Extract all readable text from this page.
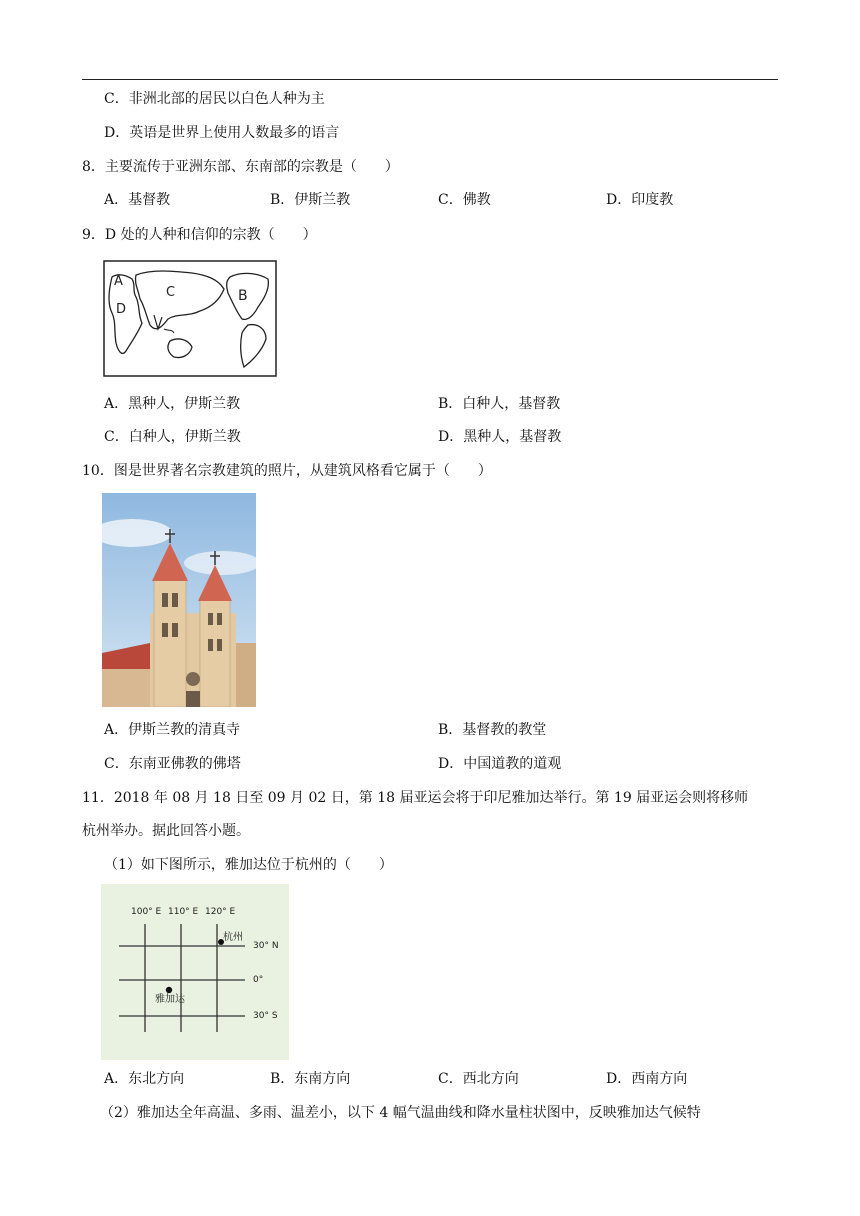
C．非洲北部的居民以白色人种为主
D．英语是世界上使用人数最多的语言
8．主要流传于亚洲东部、东南部的宗教是（　　）
A．基督教	B．伊斯兰教	C．佛教	D．印度教
9．D 处的人种和信仰的宗教（　　）
A
B
C
D
A．黑种人，伊斯兰教	B．白种人，基督教
C．白种人，伊斯兰教	D．黑种人，基督教
10．图是世界著名宗教建筑的照片，从建筑风格看它属于（　　）
A．伊斯兰教的清真寺	B．基督教的教堂
C．东南亚佛教的佛塔	D．中国道教的道观
11．2018 年 08 月 18 日至 09 月 02 日，第 18 届亚运会将于印尼雅加达举行。第 19 届亚运会则将移师
杭州举办。据此回答小题。
（1）如下图所示，雅加达位于杭州的（　　）
100° E 110° E 120° E
30° N
0°
30° S
杭州
雅加达
A．东北方向	B．东南方向	C．西北方向	D．西南方向
（2）雅加达全年高温、多雨、温差小，以下 4 幅气温曲线和降水量柱状图中，反映雅加达气候特
